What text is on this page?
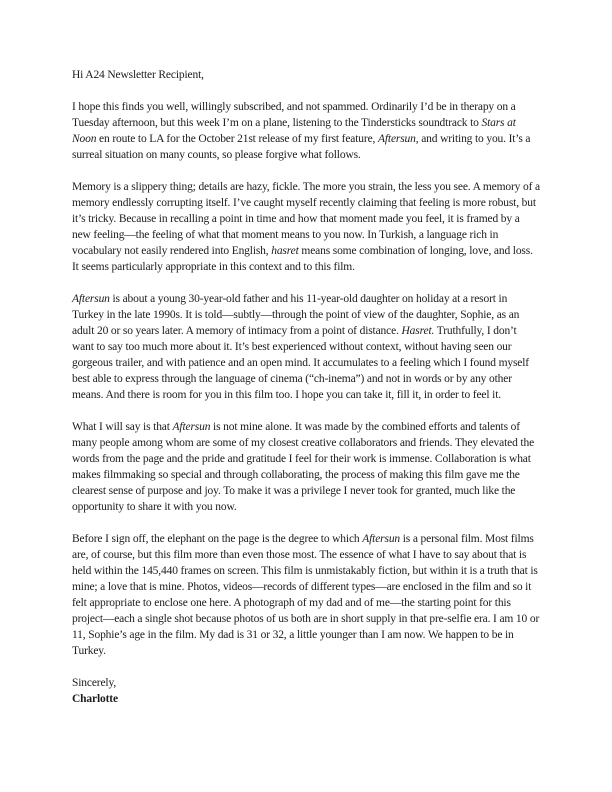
Hi A24 Newsletter Recipient,

I hope this finds you well, willingly subscribed, and not spammed. Ordinarily I’d be in therapy on a Tuesday afternoon, but this week I’m on a plane, listening to the Tindersticks soundtrack to Stars at Noon en route to LA for the October 21st release of my first feature, Aftersun, and writing to you. It’s a surreal situation on many counts, so please forgive what follows.

Memory is a slippery thing; details are hazy, fickle. The more you strain, the less you see. A memory of a memory endlessly corrupting itself. I’ve caught myself recently claiming that feeling is more robust, but it’s tricky. Because in recalling a point in time and how that moment made you feel, it is framed by a new feeling—the feeling of what that moment means to you now. In Turkish, a language rich in vocabulary not easily rendered into English, hasret means some combination of longing, love, and loss. It seems particularly appropriate in this context and to this film.

Aftersun is about a young 30-year-old father and his 11-year-old daughter on holiday at a resort in Turkey in the late 1990s. It is told—subtly—through the point of view of the daughter, Sophie, as an adult 20 or so years later. A memory of intimacy from a point of distance. Hasret. Truthfully, I don’t want to say too much more about it. It’s best experienced without context, without having seen our gorgeous trailer, and with patience and an open mind. It accumulates to a feeling which I found myself best able to express through the language of cinema (“ch-inema”) and not in words or by any other means. And there is room for you in this film too. I hope you can take it, fill it, in order to feel it.

What I will say is that Aftersun is not mine alone. It was made by the combined efforts and talents of many people among whom are some of my closest creative collaborators and friends. They elevated the words from the page and the pride and gratitude I feel for their work is immense. Collaboration is what makes filmmaking so special and through collaborating, the process of making this film gave me the clearest sense of purpose and joy. To make it was a privilege I never took for granted, much like the opportunity to share it with you now.

Before I sign off, the elephant on the page is the degree to which Aftersun is a personal film. Most films are, of course, but this film more than even those most. The essence of what I have to say about that is held within the 145,440 frames on screen. This film is unmistakably fiction, but within it is a truth that is mine; a love that is mine. Photos, videos—records of different types—are enclosed in the film and so it felt appropriate to enclose one here. A photograph of my dad and of me—the starting point for this project—each a single shot because photos of us both are in short supply in that pre-selfie era. I am 10 or 11, Sophie’s age in the film. My dad is 31 or 32, a little younger than I am now. We happen to be in Turkey.

Sincerely,

Charlotte
